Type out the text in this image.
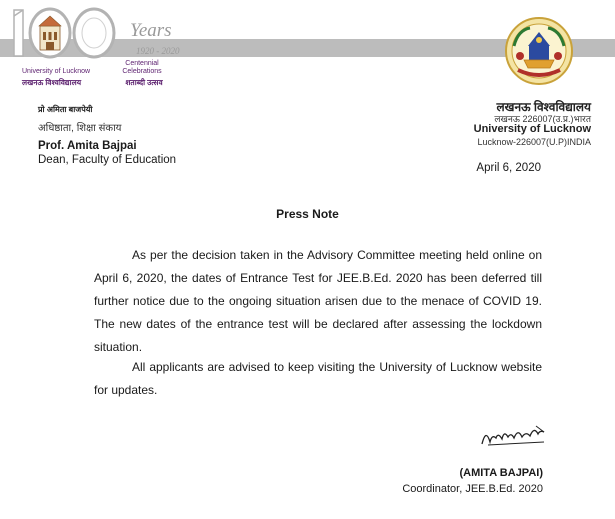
Years
1920 - 2020
University of Lucknow
लखनऊ विश्वविद्यालय
Centennial Celebrations
शताब्दी उत्सव
प्रो अमिता बाजपेयी
अधिष्ठाता, शिक्षा संकाय
Prof. Amita Bajpai
Dean, Faculty of Education
लखनऊ विश्वविद्यालय
लखनऊ 226007(उ.प्र.)भारत
University of Lucknow
Lucknow-226007(U.P)INDIA
April 6, 2020
Press Note

As per the decision taken in the Advisory Committee meeting held online on April 6, 2020, the dates of Entrance Test for JEE.B.Ed. 2020 has been deferred till further notice due to the ongoing situation arisen due to the menace of COVID 19. The new dates of the entrance test will be declared after assessing the lockdown situation.

All applicants are advised to keep visiting the University of Lucknow website for updates.

(AMITA BAJPAI)
Coordinator, JEE.B.Ed. 2020
